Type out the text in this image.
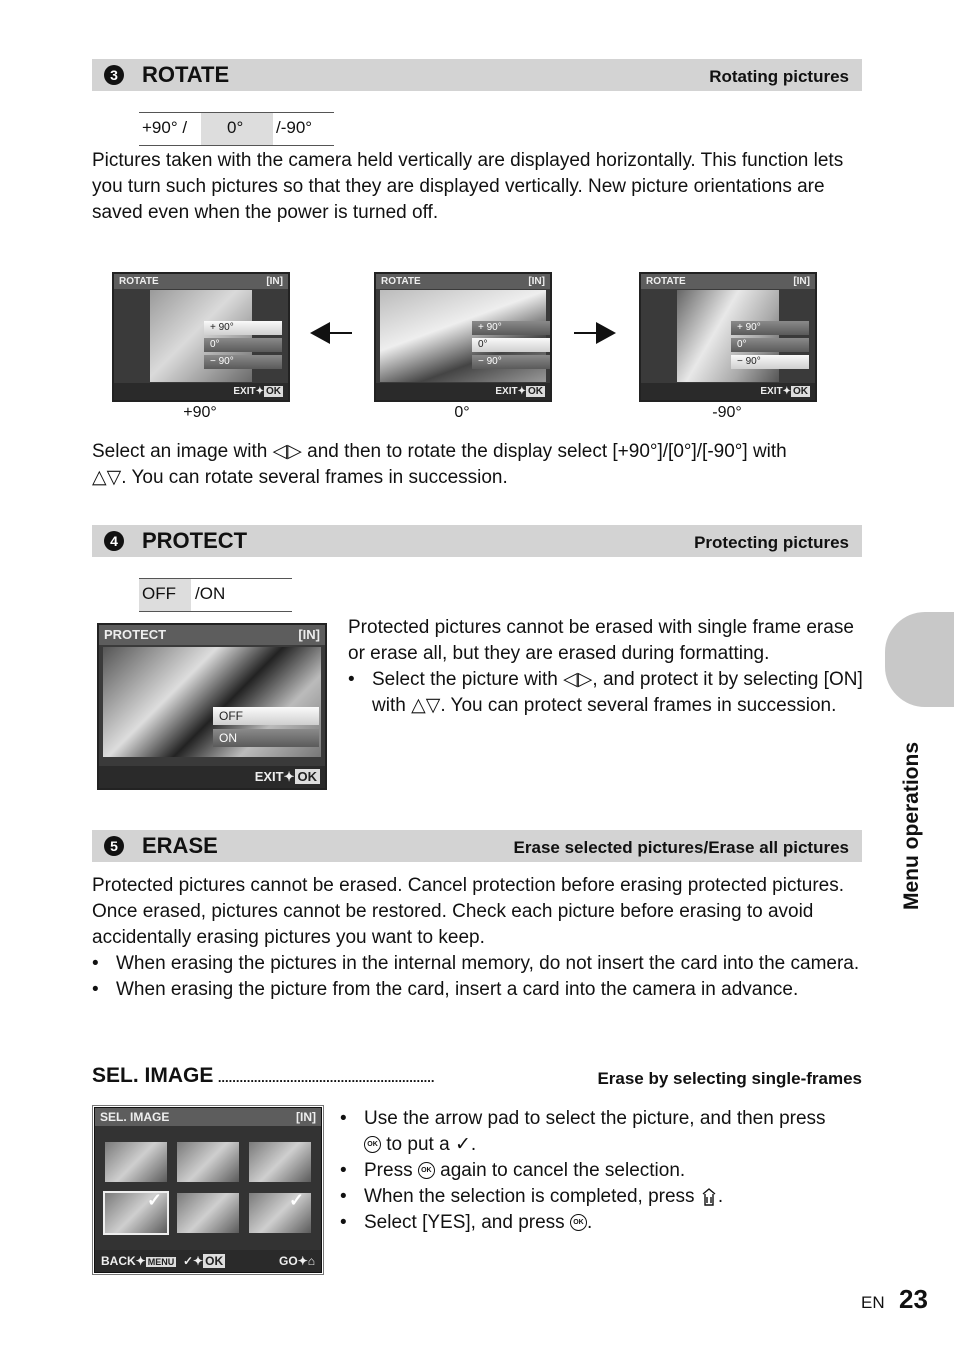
3 ROTATE	Rotating pictures
+90° / 0° /-90°

Pictures taken with the camera held vertically are displayed horizontally. This function lets you turn such pictures so that they are displayed vertically. New picture orientations are saved even when the power is turned off.

ROTATE	[IN]
+ 90°
0°
− 90°
EXIT✦ OK
+90°
ROTATE	[IN]
+ 90°
0°
− 90°
EXIT✦ OK
0°
ROTATE	[IN]
+ 90°
0°
− 90°
EXIT✦ OK
-90°

Select an image with ◁▷ and then to rotate the display select [+90°]/[0°]/[-90°] with
△▽. You can rotate several frames in succession.

4 PROTECT	Protecting pictures
OFF /ON
PROTECT	[IN]
OFF
ON
EXIT✦ OK

Protected pictures cannot be erased with single frame erase or erase all, but they are erased during formatting.

• Select the picture with ◁▷, and protect it by selecting [ON] with △▽. You can protect several frames in succession.
5 ERASE	Erase selected pictures/Erase all pictures

Protected pictures cannot be erased. Cancel protection before erasing protected pictures. Once erased, pictures cannot be restored. Check each picture before erasing to avoid accidentally erasing pictures you want to keep.

• When erasing the pictures in the internal memory, do not insert the card into the camera.
• When erasing the picture from the card, insert a card into the camera in advance.
SEL. IMAGE ............................................................	Erase by selecting single-frames
SEL. IMAGE	[IN]
✓	✓
BACK✦ MENU ✓✦ OK	GO✦⌂
• Use the arrow pad to select the picture, and then press
OK to put a ✓.
• Press OK again to cancel the selection.
• When the selection is completed, press .
• Select [YES], and press OK .
Menu operations
EN 23
